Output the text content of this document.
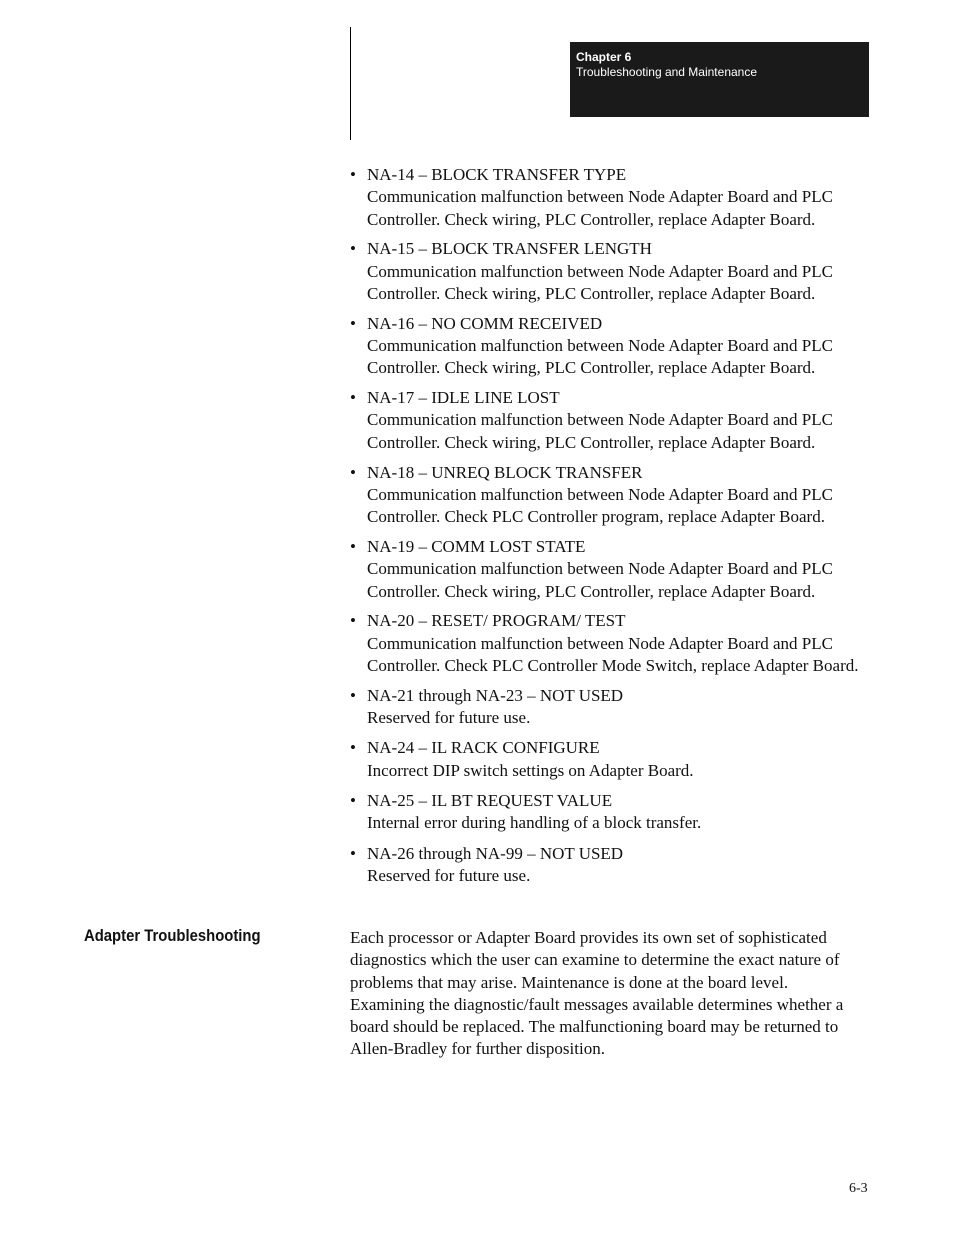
Chapter 6
Troubleshooting and Maintenance
• NA-14 – BLOCK TRANSFER TYPE
Communication malfunction between Node Adapter Board and PLC
Controller. Check wiring, PLC Controller, replace Adapter Board.
• NA-15 – BLOCK TRANSFER LENGTH
Communication malfunction between Node Adapter Board and PLC
Controller. Check wiring, PLC Controller, replace Adapter Board.
• NA-16 – NO COMM RECEIVED
Communication malfunction between Node Adapter Board and PLC
Controller. Check wiring, PLC Controller, replace Adapter Board.
• NA-17 – IDLE LINE LOST
Communication malfunction between Node Adapter Board and PLC
Controller. Check wiring, PLC Controller, replace Adapter Board.
• NA-18 – UNREQ BLOCK TRANSFER
Communication malfunction between Node Adapter Board and PLC
Controller. Check PLC Controller program, replace Adapter Board.
• NA-19 – COMM LOST STATE
Communication malfunction between Node Adapter Board and PLC
Controller. Check wiring, PLC Controller, replace Adapter Board.
• NA-20 – RESET/ PROGRAM/ TEST
Communication malfunction between Node Adapter Board and PLC
Controller. Check PLC Controller Mode Switch, replace Adapter Board.
• NA-21 through NA-23 – NOT USED
Reserved for future use.
• NA-24 – IL RACK CONFIGURE
Incorrect DIP switch settings on Adapter Board.
• NA-25 – IL BT REQUEST VALUE
Internal error during handling of a block transfer.
• NA-26 through NA-99 – NOT USED
Reserved for future use.
Adapter Troubleshooting	Each processor or Adapter Board provides its own set of sophisticated
diagnostics which the user can examine to determine the exact nature of
problems that may arise. Maintenance is done at the board level.
Examining the diagnostic/fault messages available determines whether a
board should be replaced. The malfunctioning board may be returned to
Allen-Bradley for further disposition.

6-3
